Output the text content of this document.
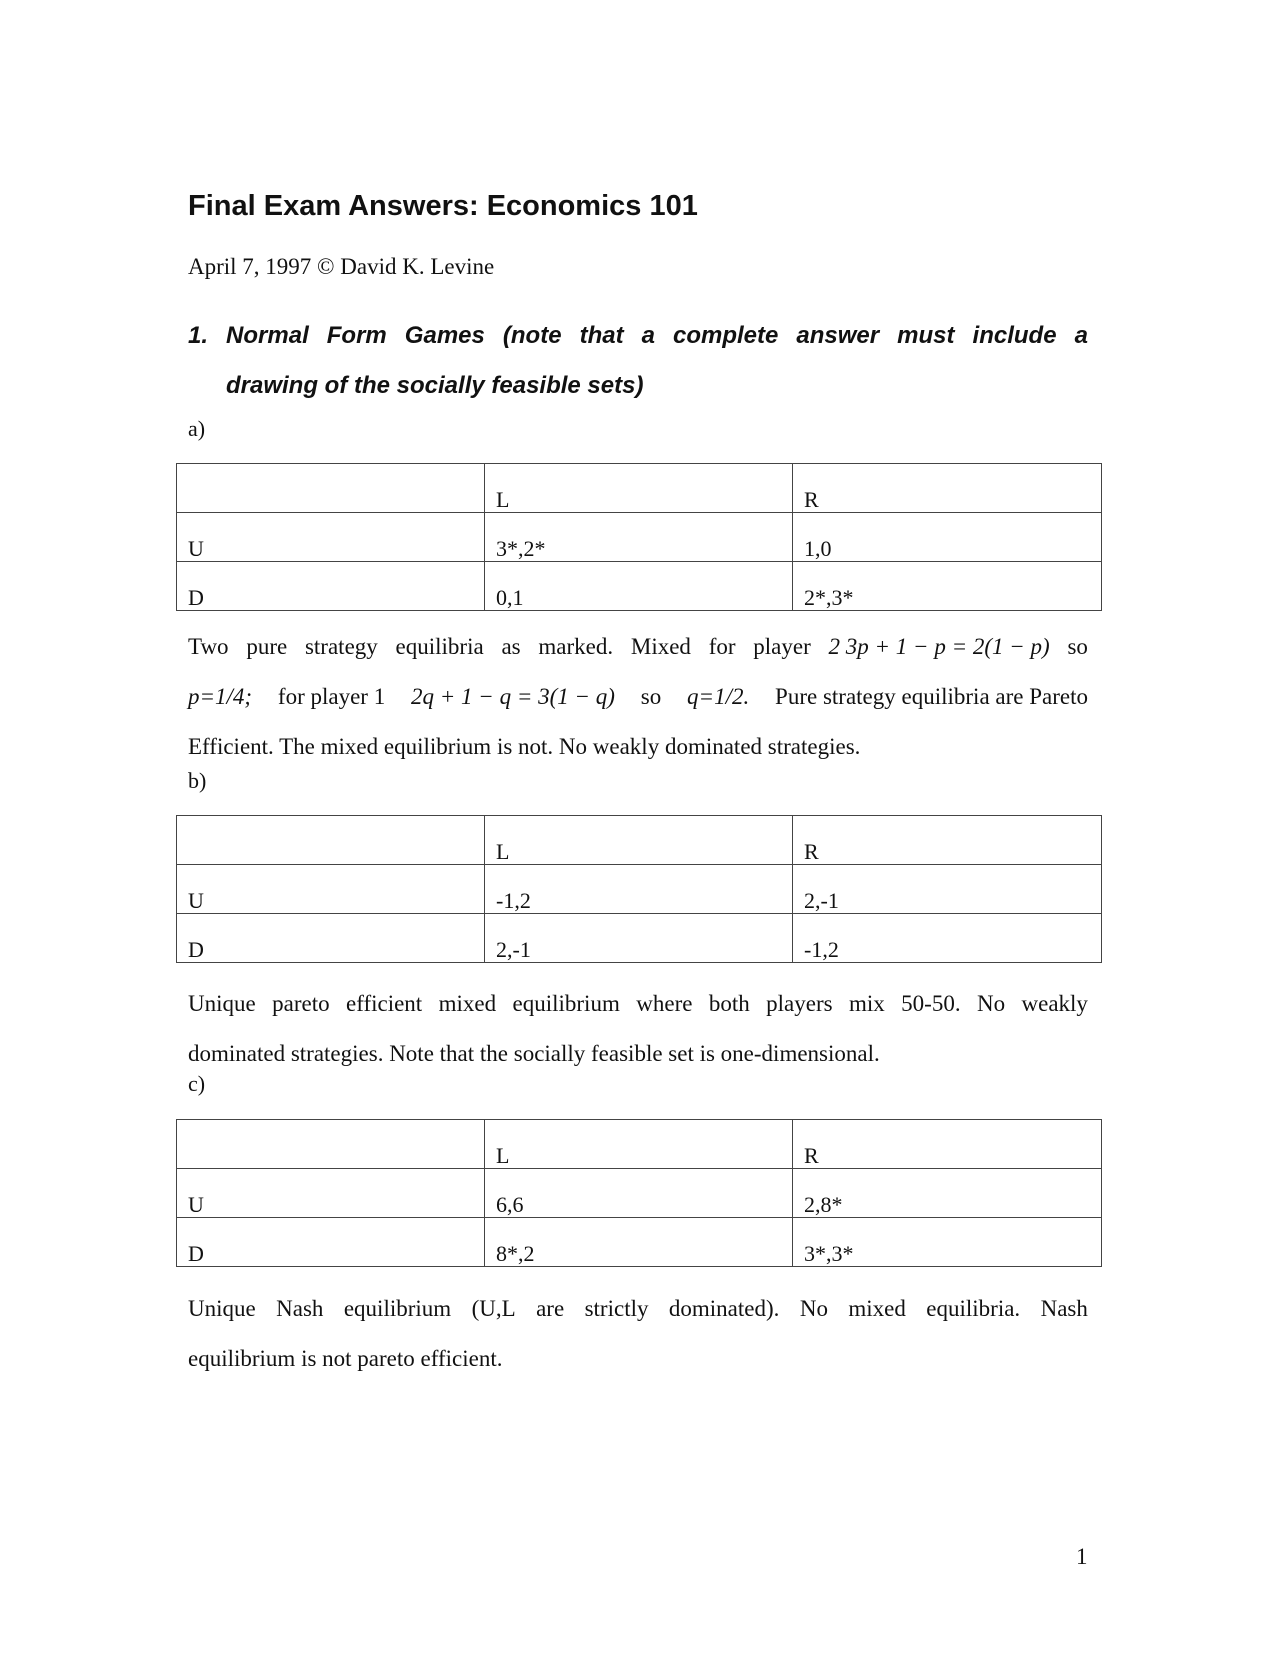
Final Exam Answers: Economics 101
April 7, 1997 © David K. Levine
1. Normal Form Games (note that a complete answer must include a
drawing of the socially feasible sets)
a)
	L	R
U	3*,2*	1,0
D	0,1	2*,3*
Two pure strategy equilibria as marked. Mixed for player 2 3p + 1 − p = 2(1 − p) so
p=1/4; for player 1 2q + 1 − q = 3(1 − q) so q=1/2. Pure strategy equilibria are Pareto
Efficient. The mixed equilibrium is not. No weakly dominated strategies.
b)
	L	R
U	-1,2	2,-1
D	2,-1	-1,2
Unique pareto efficient mixed equilibrium where both players mix 50-50. No weakly
dominated strategies. Note that the socially feasible set is one-dimensional.
c)
	L	R
U	6,6	2,8*
D	8*,2	3*,3*
Unique Nash equilibrium (U,L are strictly dominated). No mixed equilibria. Nash
equilibrium is not pareto efficient.
1
